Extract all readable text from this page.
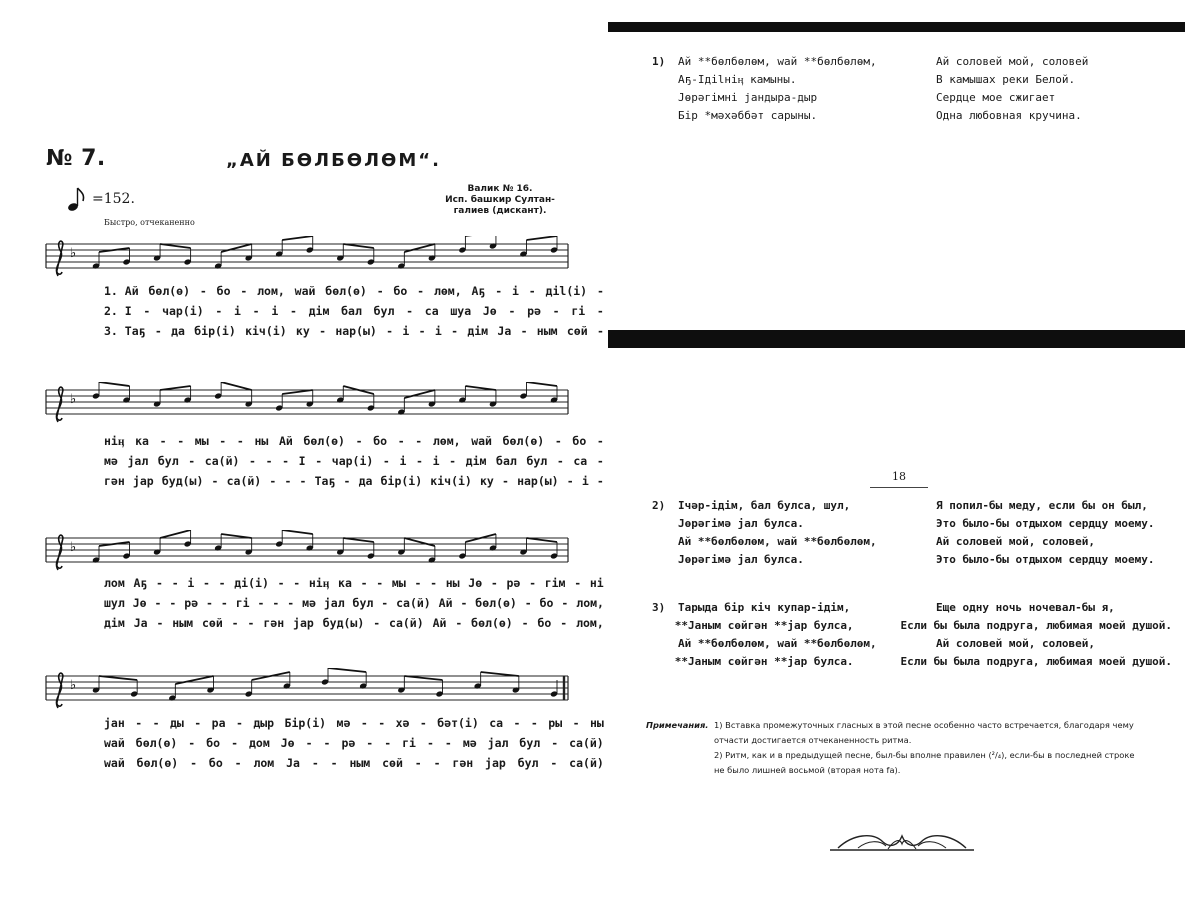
№ 7.	„АЙ БӨЛБӨЛӨМ“.
=152.
Валик № 16.
Исп. башкир Султан-
галиев (дискант).
Быстро, отчеканенно
♭
1. Ай бөл(ө) - бо - лом, wай бөл(ө) - бо - лөм, Аҕ - і - діl(і) -
2. І - чар(і) - і - і - дім бал бул - са шуа Jө - рә - гі -
3. Таҕ - да бір(і) кіч(і) ку - нар(ы) - і - і - дім Jа - ным сөй -
♭
ніӊ ка - - мы - - ны Ай бөл(ө) - бо - - лөм, wай бөл(ө) - бо -
мә jал бул - са(й) - - - І - чар(і) - і - і - дім бал бул - са -
гән jар буд(ы) - са(й) - - - Таҕ - да бір(і) кіч(і) ку - нар(ы) - і -
♭
лом Аҕ - - і - - ді(і) - - ніӊ ка - - мы - - ны Jө - рә - гім - ні
шул Jө - - рә - - гі - - - мә jал бул - са(й) Ай - бөл(ө) - бо - лом,
дім Jа - ным сөй - - гән jар буд(ы) - са(й) Ай - бөл(ө) - бо - лом,
♭
jан - - ды - ра - дыр Бір(і) мә - - хә - бәт(і) са - - ры - ны
wай бөл(ө) - бо - дом Jө - - рә - - гі - - мә jал бул - са(й)
wай бөл(ө) - бо - лом Jа - - ным сөй - - гән jар бул - са(й)
1)	Ай **бөлбөлөм, wай **бөлбөлөм,	Ай соловей мой, соловей
Аҕ-Ідіlніӊ камыны.	В камышах реки Белой.
Jөрәгімні jандыра-дыр	Сердце мое сжигает
Бір *мәхәббәт сарыны.	Одна любовная кручина.
18
2)	Ічәр-ідім, бал булса, шул,	Я попил-бы меду, если бы он был,
Jөрәгімә jал булса.	Это было-бы отдыхом сердцу моему.
Ай **бөлбөлөм, wай **бөлбөлөм,	Ай соловей мой, соловей,
Jөрәгімә jал булса.	Это было-бы отдыхом сердцу моему.
3)	Тарыда бір кіч купар-ідім,	Еще одну ночь ночевал-бы я,
**Jаным сөйгән **jар булса,	Если бы была подруга, любимая моей душой.
Ай **бөлбөлөм, wай **бөлбөлөм,	Ай соловей мой, соловей,
**Jаным сөйгән **jар булса.	Если бы была подруга, любимая моей душой.
Примечания. 1) Вставка промежуточных гласных в этой песне особенно часто встречается, благодаря чему
отчасти достигается отчеканенность ритма.
2) Ритм, как и в предыдущей песне, был-бы вполне правилен (²/₄), если-бы в последней строке
не было лишней восьмой (вторая нота fa).
